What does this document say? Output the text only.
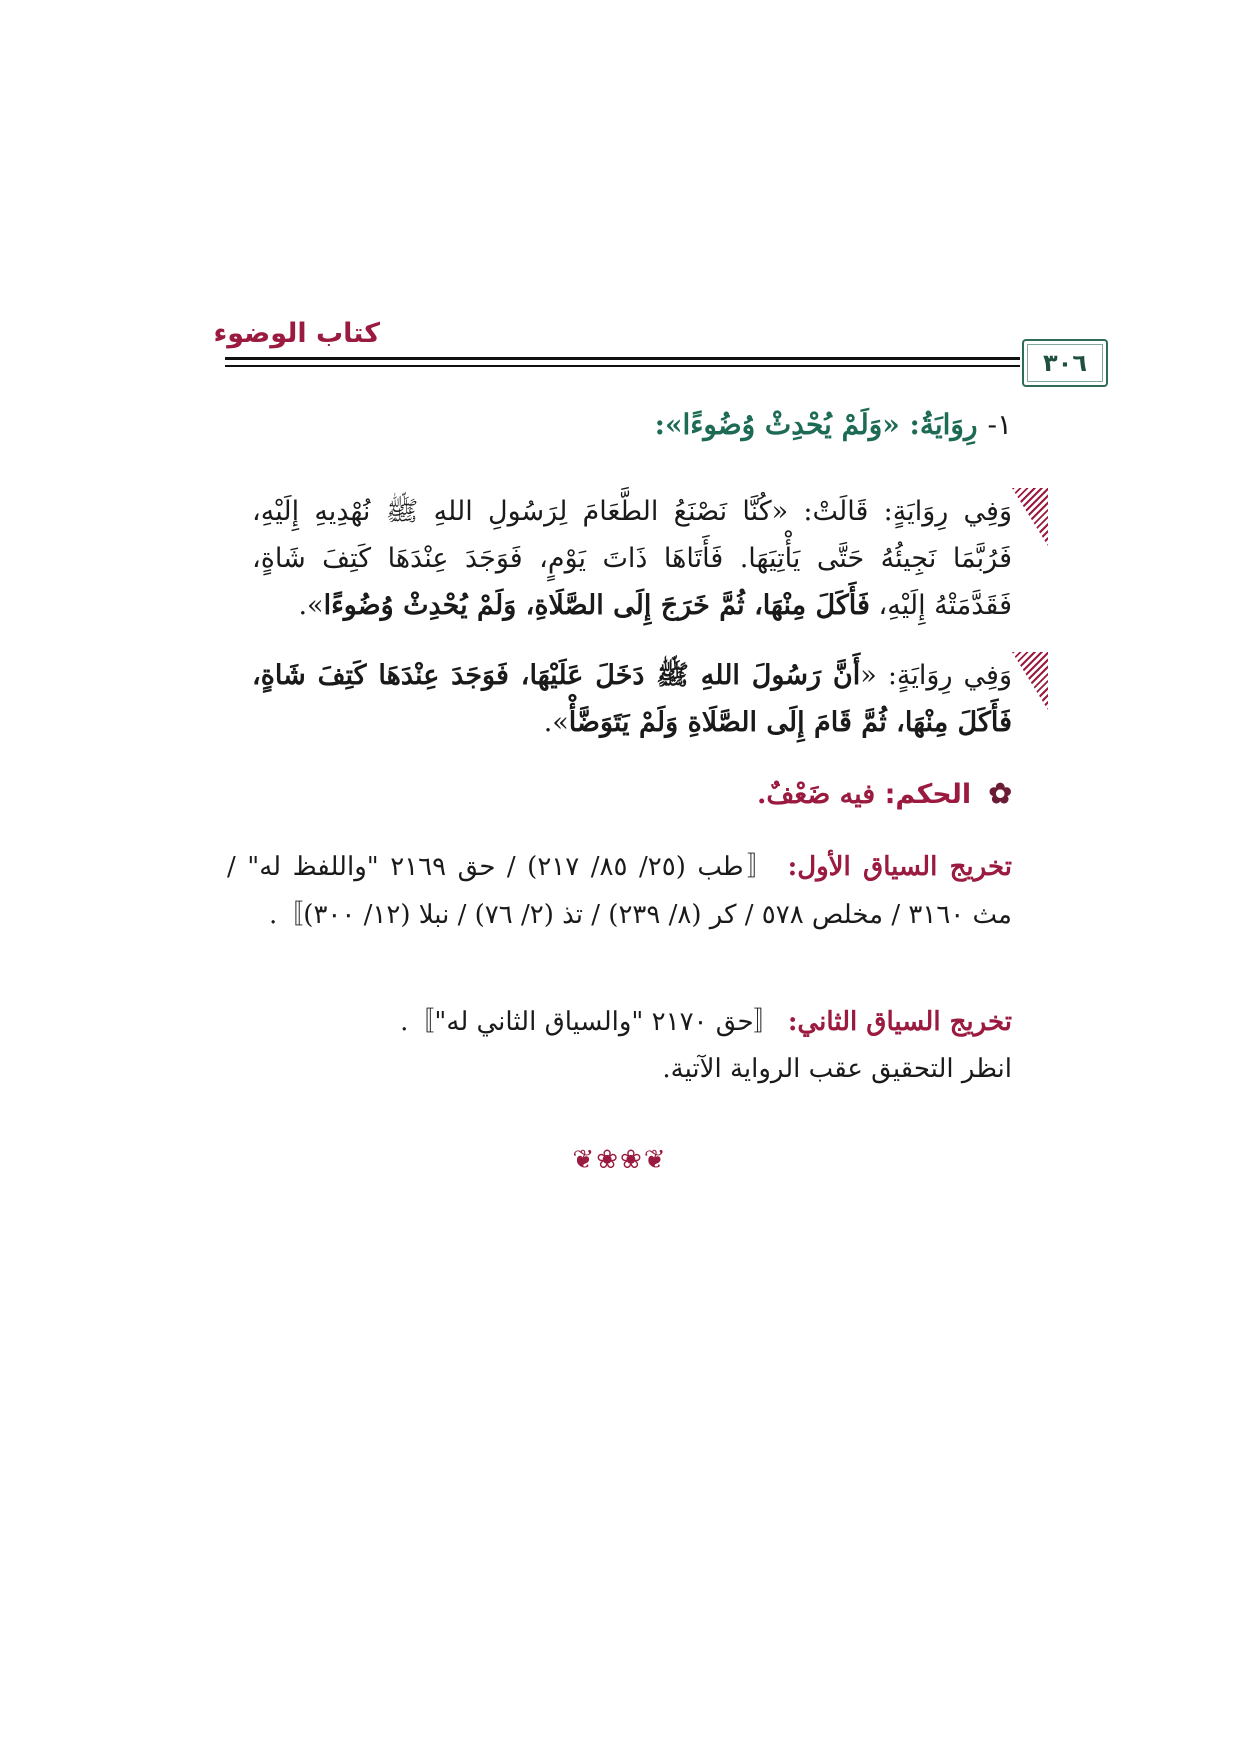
كتاب الوضوء
٣٠٦
١-رِوَايَةُ: «وَلَمْ يُحْدِثْ وُضُوءًا»:
وَفِي رِوَايَةٍ: قَالَتْ: «كُنَّا نَصْنَعُ الطَّعَامَ لِرَسُولِ اللهِ ﷺ نُهْدِيهِ إِلَيْهِ، فَرُبَّمَا نَجِيئُهُ حَتَّى يَأْتِيَهَا. فَأَتَاهَا ذَاتَ يَوْمٍ، فَوَجَدَ عِنْدَهَا كَتِفَ شَاةٍ، فَقَدَّمَتْهُ إِلَيْهِ، فَأَكَلَ مِنْهَا، ثُمَّ خَرَجَ إِلَى الصَّلَاةِ، وَلَمْ يُحْدِثْ وُضُوءًا».
وَفِي رِوَايَةٍ: «أَنَّ رَسُولَ اللهِ ﷺ دَخَلَ عَلَيْهَا، فَوَجَدَ عِنْدَهَا كَتِفَ شَاةٍ، فَأَكَلَ مِنْهَا، ثُمَّ قَامَ إِلَى الصَّلَاةِ وَلَمْ يَتَوَضَّأْ».
✿ الحكم: فيه ضَعْفٌ.
تخريج السياق الأول: 〚طب (٢٥/ ٨٥/ ٢١٧) / حق ٢١٦٩ "واللفظ له" / مث ٣١٦٠ / مخلص ٥٧٨ / كر (٨/ ٢٣٩) / تذ (٢/ ٧٦) / نبلا (١٢/ ٣٠٠)〛.
تخريج السياق الثاني: 〚حق ٢١٧٠ "والسياق الثاني له"〛.
انظر التحقيق عقب الرواية الآتية.
❦❀❀❦
